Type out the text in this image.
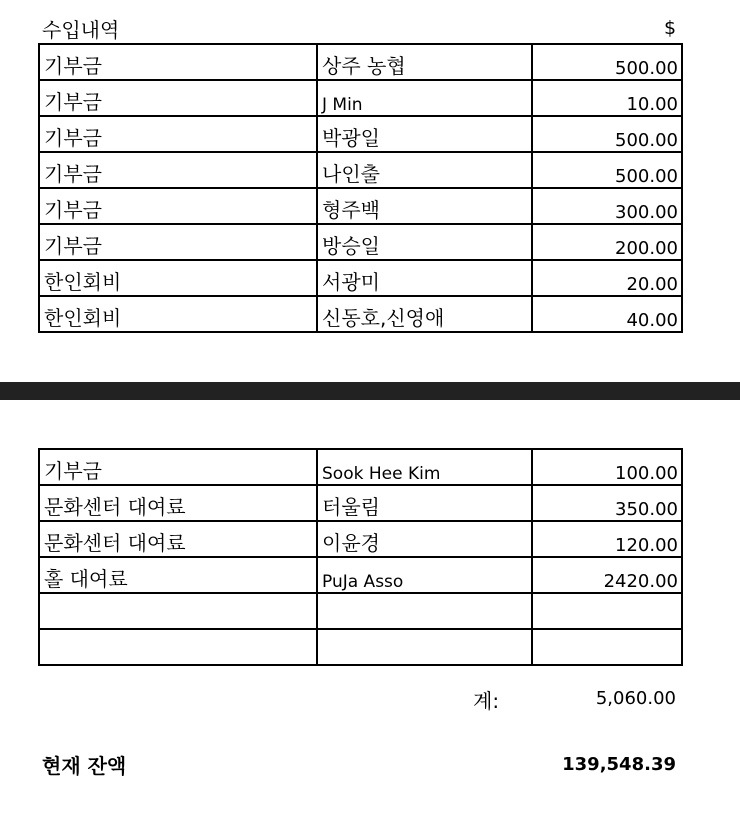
수입내역	$
기부금	상주 농협	500.00
기부금	J Min	10.00
기부금	박광일	500.00
기부금	나인출	500.00
기부금	형주백	300.00
기부금	방승일	200.00
한인회비	서광미	20.00
한인회비	신동호,신영애	40.00
기부금	Sook Hee Kim	100.00
문화센터 대여료	터울림	350.00
문화센터 대여료	이윤경	120.00
홀 대여료	PuJa Asso	2420.00

계:	5,060.00
현재 잔액	139,548.39
